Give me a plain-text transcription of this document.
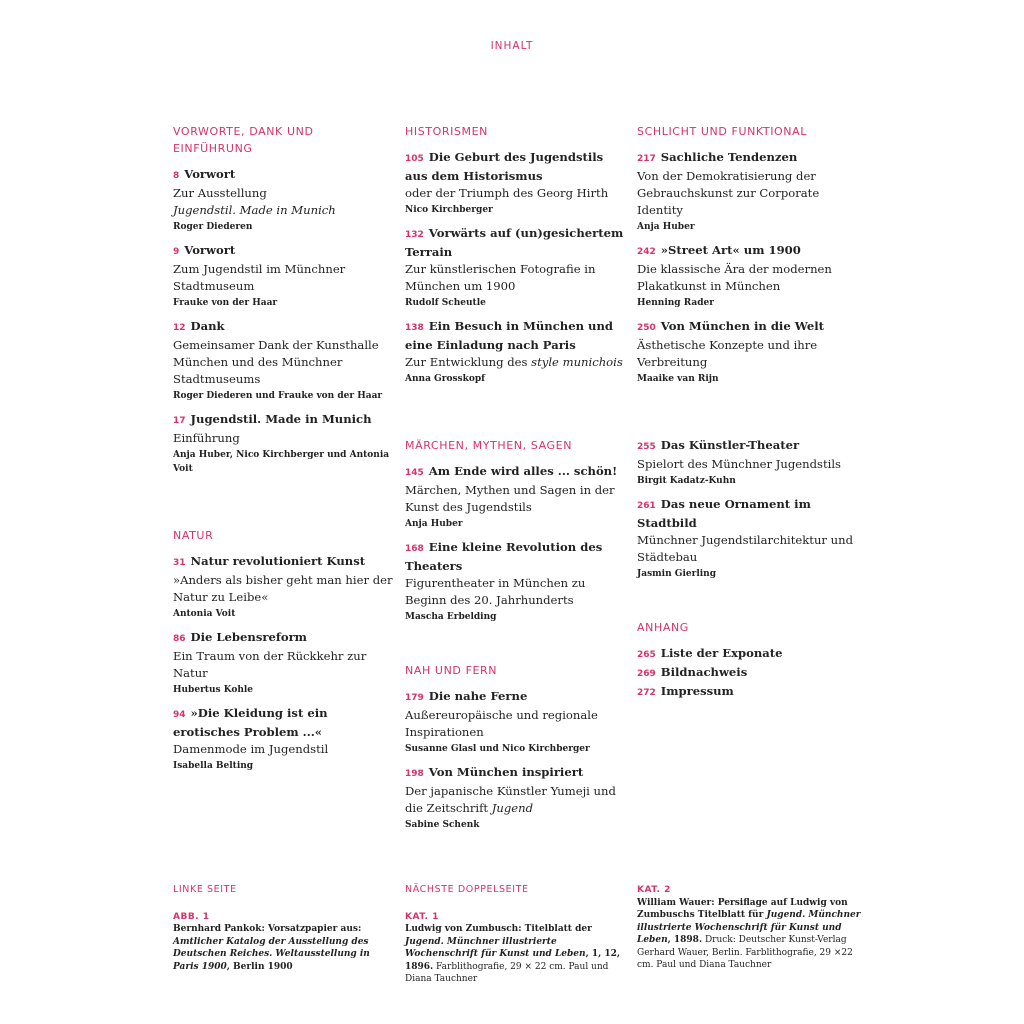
INHALT
VORWORTE, DANK UND EINFÜHRUNG
8 Vorwort
Zur Ausstellung
Jugendstil. Made in Munich
Roger Diederen
9 Vorwort
Zum Jugendstil im Münchner Stadtmuseum
Frauke von der Haar
12 Dank
Gemeinsamer Dank der Kunsthalle München und des Münchner Stadtmuseums
Roger Diederen und Frauke von der Haar
17 Jugendstil. Made in Munich
Einführung
Anja Huber, Nico Kirchberger und Antonia Voit
NATUR
31 Natur revolutioniert Kunst
»Anders als bisher geht man hier der Natur zu Leibe«
Antonia Voit
86 Die Lebensreform
Ein Traum von der Rückkehr zur Natur
Hubertus Kohle
94 »Die Kleidung ist ein erotisches Problem ...«
Damenmode im Jugendstil
Isabella Belting
HISTORISMEN
105 Die Geburt des Jugendstils aus dem Historismus
oder der Triumph des Georg Hirth
Nico Kirchberger
132 Vorwärts auf (un)gesichertem Terrain
Zur künstlerischen Fotografie in München um 1900
Rudolf Scheutle
138 Ein Besuch in München und eine Einladung nach Paris
Zur Entwicklung des style munichois
Anna Grosskopf
MÄRCHEN, MYTHEN, SAGEN
145 Am Ende wird alles ... schön!
Märchen, Mythen und Sagen in der Kunst des Jugendstils
Anja Huber
168 Eine kleine Revolution des Theaters
Figurentheater in München zu Beginn des 20. Jahrhunderts
Mascha Erbelding
NAH UND FERN
179 Die nahe Ferne
Außereuropäische und regionale Inspirationen
Susanne Glasl und Nico Kirchberger
198 Von München inspiriert
Der japanische Künstler Yumeji und die Zeitschrift Jugend
Sabine Schenk
SCHLICHT UND FUNKTIONAL
217 Sachliche Tendenzen
Von der Demokratisierung der Gebrauchskunst zur Corporate Identity
Anja Huber
242 »Street Art« um 1900
Die klassische Ära der modernen Plakatkunst in München
Henning Rader
250 Von München in die Welt
Ästhetische Konzepte und ihre Verbreitung
Maaike van Rijn
255 Das Künstler-Theater
Spielort des Münchner Jugendstils
Birgit Kadatz-Kuhn
261 Das neue Ornament im Stadtbild
Münchner Jugendstilarchitektur und Städtebau
Jasmin Gierling
ANHANG
265 Liste der Exponate
269 Bildnachweis
272 Impressum
LINKE SEITE
ABB. 1
Bernhard Pankok: Vorsatzpapier aus: Amtlicher Katalog der Ausstellung des Deutschen Reiches. Weltausstellung in Paris 1900, Berlin 1900
NÄCHSTE DOPPELSEITE
KAT. 1
Ludwig von Zumbusch: Titelblatt der Jugend. Münchner illustrierte Wochenschrift für Kunst und Leben, 1, 12, 1896. Farblithografie, 29 × 22 cm. Paul und Diana Tauchner
KAT. 2
William Wauer: Persiflage auf Ludwig von Zumbuschs Titelblatt für Jugend. Münchner illustrierte Wochenschrift für Kunst und Leben, 1898. Druck: Deutscher Kunst-Verlag Gerhard Wauer, Berlin. Farblithografie, 29 ×22 cm. Paul und Diana Tauchner
